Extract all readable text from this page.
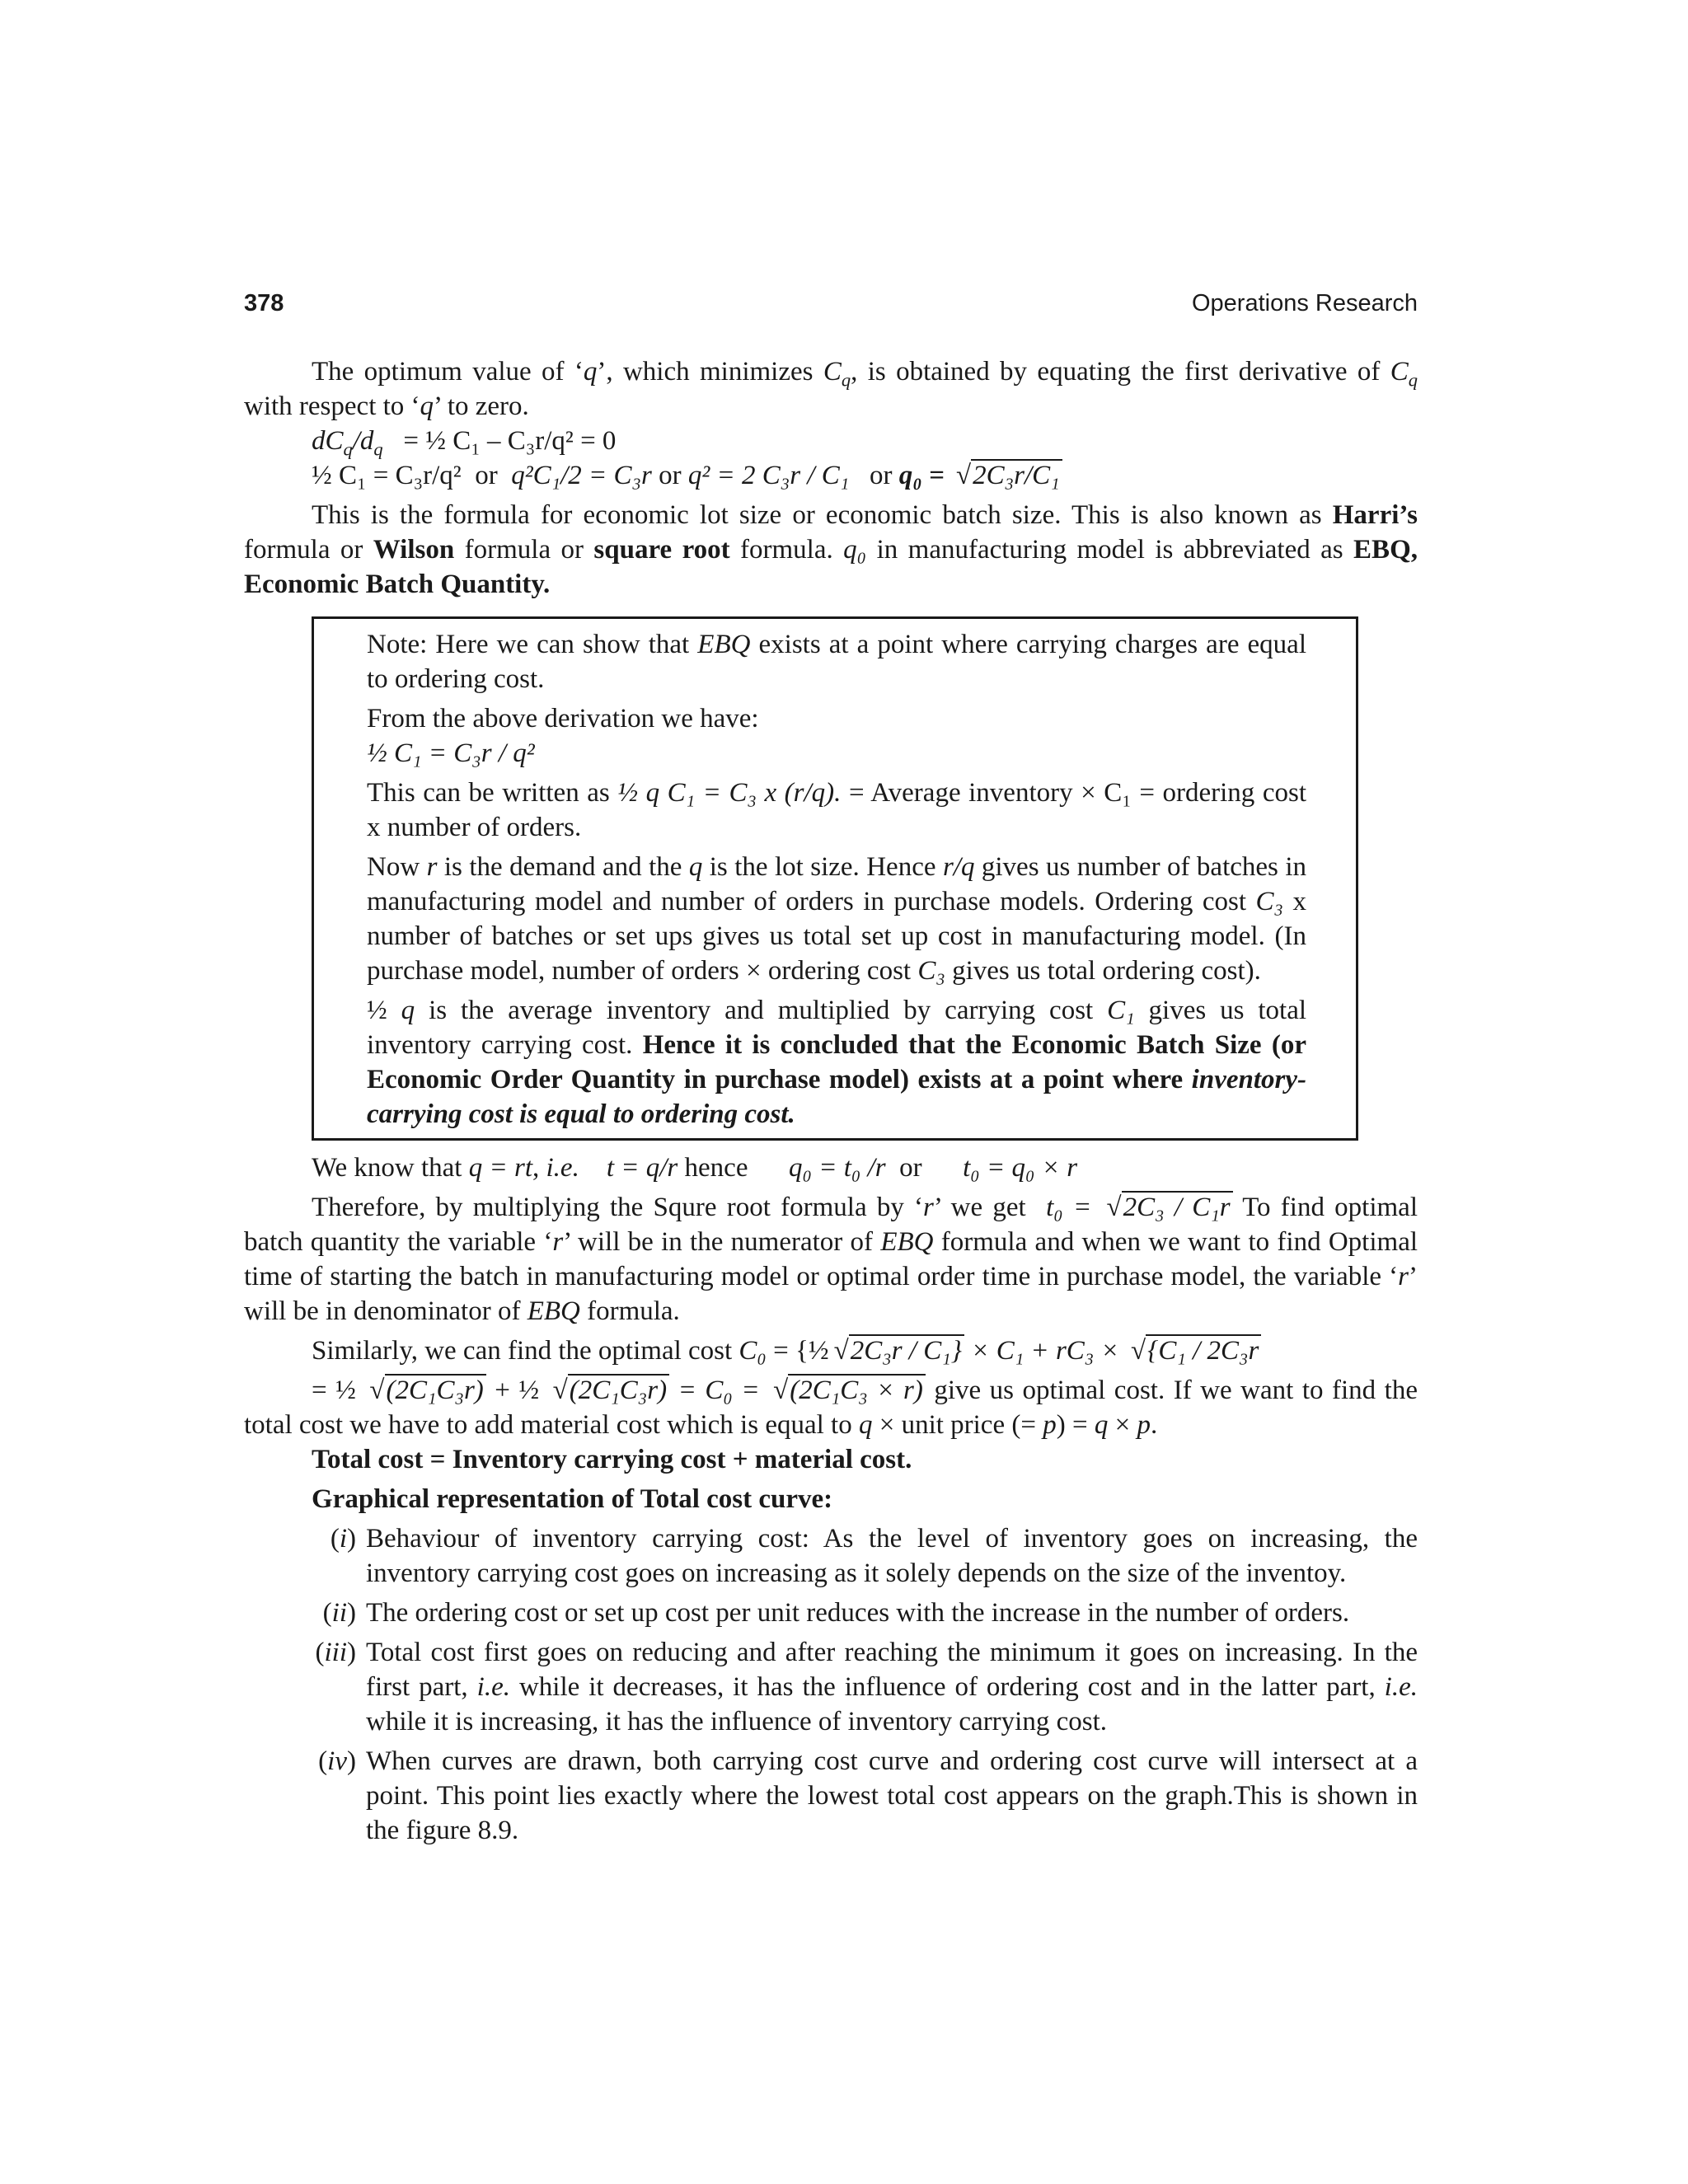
378	Operations Research

The optimum value of ‘q’, which minimizes $C_q$, is obtained by equating the first derivative of $C_q$ with respect to ‘q’ to zero.

$dC_q/d_q$ = ½ C₁ – C₃r/q² = 0

½ C₁ = C₃r/q² or q²C₁/2 = C₃r or q² = 2 C₃r / C₁ or q₀ = √2C₃r/C₁

This is the formula for economic lot size or economic batch size. This is also known as Harri’s formula or Wilson formula or square root formula. q₀ in manufacturing model is abbreviated as EBQ, Economic Batch Quantity.

Note: Here we can show that EBQ exists at a point where carrying charges are equal to ordering cost.

From the above derivation we have:

½ C₁ = C₃r / q²

This can be written as ½ q C₁ = C₃ x (r/q). = Average inventory × C₁ = ordering cost x number of orders.

Now r is the demand and the q is the lot size. Hence r/q gives us number of batches in manufacturing model and number of orders in purchase models. Ordering cost C₃ x number of batches or set ups gives us total set up cost in manufacturing model. (In purchase model, number of orders × ordering cost C₃ gives us total ordering cost).

½ q is the average inventory and multiplied by carrying cost C₁ gives us total inventory carrying cost. Hence it is concluded that the Economic Batch Size (or Economic Order Quantity in purchase model) exists at a point where inventory-carrying cost is equal to ordering cost.

We know that q = rt, i.e. t = q/r hence q₀ = t₀ /r or t₀ = q₀ × r

Therefore, by multiplying the Squre root formula by ‘r’ we get  t₀ = √2C₃ / C₁r To find optimal batch quantity the variable ‘r’ will be in the numerator of EBQ formula and when we want to find Optimal time of starting the batch in manufacturing model or optimal order time in purchase model, the variable ‘r’ will be in denominator of EBQ formula.

Similarly, we can find the optimal cost C₀ = {½ √2C₃r / C₁} × C₁ + rC₃ × √{C₁ / 2C₃r

= ½ √(2C₁C₃r) + ½ √(2C₁C₃r) = C₀ = √(2C₁C₃ × r) give us optimal cost. If we want to find the total cost we have to add material cost which is equal to q × unit price (= p) = q × p.

Total cost = Inventory carrying cost + material cost.

Graphical representation of Total cost curve:

(i) Behaviour of inventory carrying cost: As the level of inventory goes on increasing, the inventory carrying cost goes on increasing as it solely depends on the size of the inventoy.
(ii) The ordering cost or set up cost per unit reduces with the increase in the number of orders.
(iii) Total cost first goes on reducing and after reaching the minimum it goes on increasing. In the first part, i.e. while it decreases, it has the influence of ordering cost and in the latter part, i.e. while it is increasing, it has the influence of inventory carrying cost.
(iv) When curves are drawn, both carrying cost curve and ordering cost curve will intersect at a point. This point lies exactly where the lowest total cost appears on the graph.This is shown in the figure 8.9.
